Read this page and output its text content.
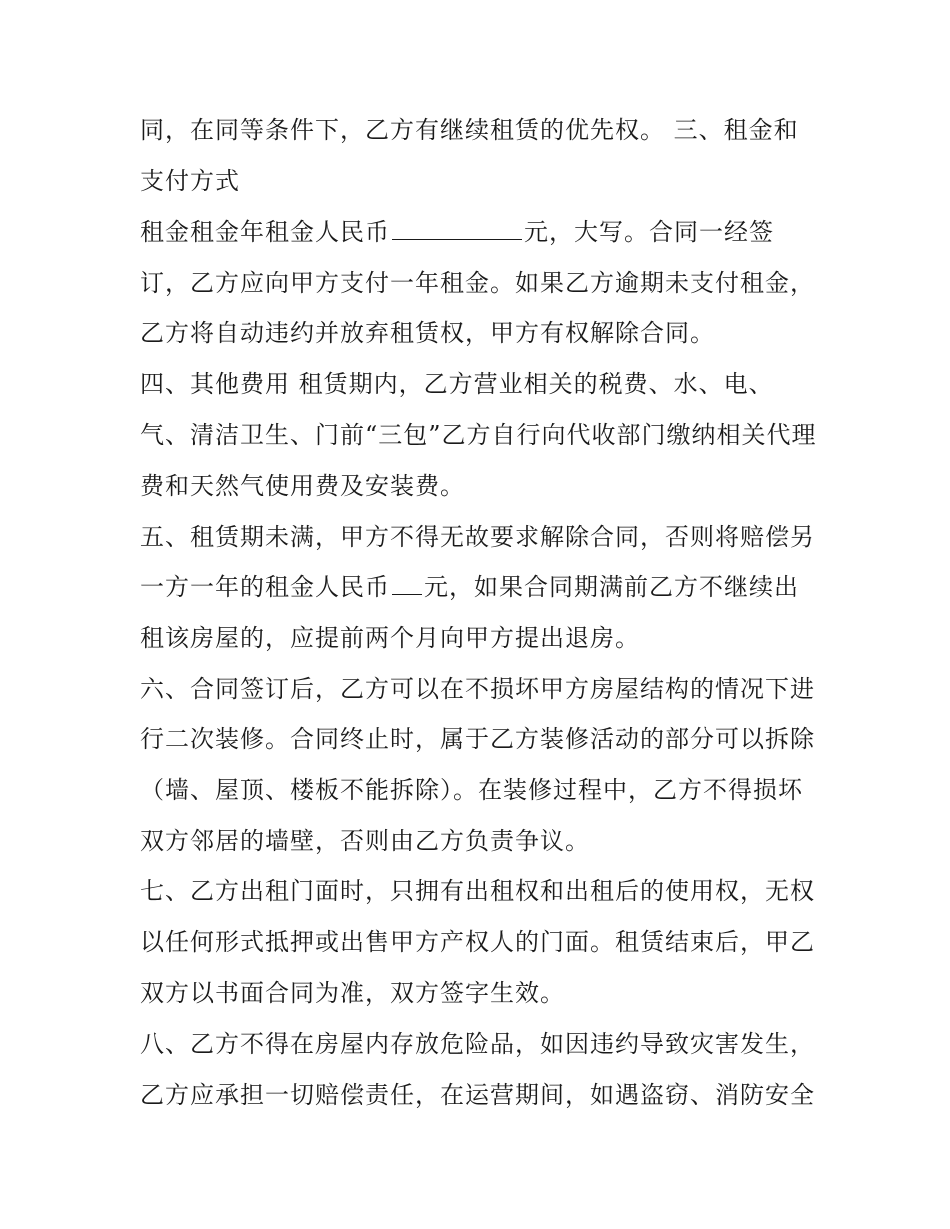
同，在同等条件下，乙方有继续租赁的优先权。 三、租金和
支付方式
租金租金年租金人民币	元，大写。合同一经签
订，乙方应向甲方支付一年租金。如果乙方逾期未支付租金，
乙方将自动违约并放弃租赁权，甲方有权解除合同。
四、其他费用 租赁期内，乙方营业相关的税费、水、电、
气、清洁卫生、门前“三包”乙方自行向代收部门缴纳相关代理
费和天然气使用费及安装费。
五、租赁期未满，甲方不得无故要求解除合同，否则将赔偿另
一方一年的租金人民币 元，如果合同期满前乙方不继续出
租该房屋的，应提前两个月向甲方提出退房。
六、合同签订后，乙方可以在不损坏甲方房屋结构的情况下进
行二次装修。合同终止时，属于乙方装修活动的部分可以拆除
（墙、屋顶、楼板不能拆除）。在装修过程中，乙方不得损坏
双方邻居的墙壁，否则由乙方负责争议。
七、乙方出租门面时，只拥有出租权和出租后的使用权，无权
以任何形式抵押或出售甲方产权人的门面。租赁结束后，甲乙
双方以书面合同为准，双方签字生效。
八、乙方不得在房屋内存放危险品，如因违约导致灾害发生，
乙方应承担一切赔偿责任，在运营期间，如遇盗窃、消防安全
